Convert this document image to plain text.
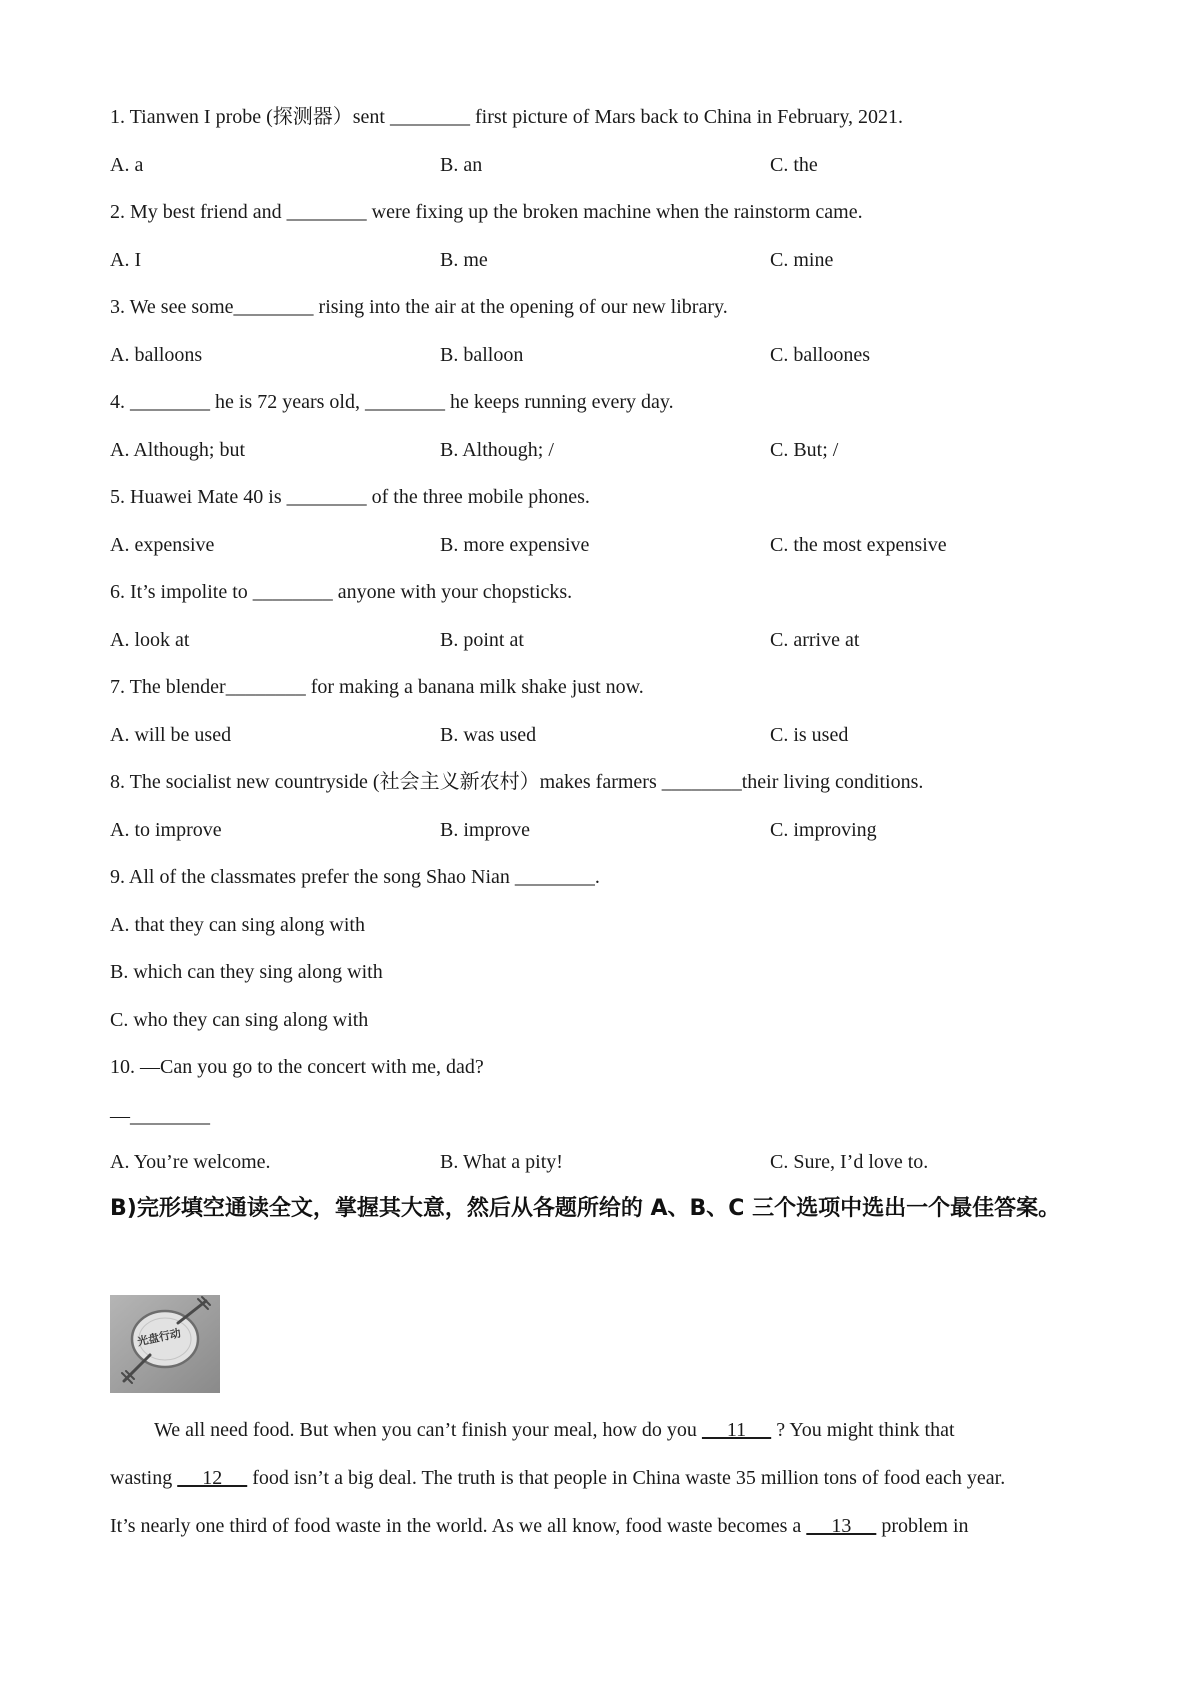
1. Tianwen I probe (探测器）sent ________ first picture of Mars back to China in February, 2021.
A. a	B. an	C. the
2. My best friend and ________ were fixing up the broken machine when the rainstorm came.
A. I	B. me	C. mine
3. We see some________ rising into the air at the opening of our new library.
A. balloons	B. balloon	C. balloones
4. ________ he is 72 years old, ________ he keeps running every day.
A. Although; but	B. Although; /	C. But; /
5. Huawei Mate 40 is ________ of the three mobile phones.
A. expensive	B. more expensive	C. the most expensive
6. It’s impolite to ________ anyone with your chopsticks.
A. look at	B. point at	C. arrive at
7. The blender________ for making a banana milk shake just now.
A. will be used	B. was used	C. is used
8. The socialist new countryside (社会主义新农村）makes farmers ________their living conditions.
A. to improve	B. improve	C. improving
9. All of the classmates prefer the song Shao Nian ________.
A. that they can sing along with
B. which can they sing along with
C. who they can sing along with
10. —Can you go to the concert with me, dad?
—________
A. You’re welcome.	B. What a pity!	C. Sure, I’d love to.
B)完形填空通读全文，掌握其大意，然后从各题所给的 A、B、C 三个选项中选出一个最佳答案。
光盘行动
We all need food. But when you can’t finish your meal, how do you      11      ? You might think that
wasting      12      food isn’t a big deal. The truth is that people in China waste 35 million tons of food each year.
It’s nearly one third of food waste in the world. As we all know, food waste becomes a      13      problem in
